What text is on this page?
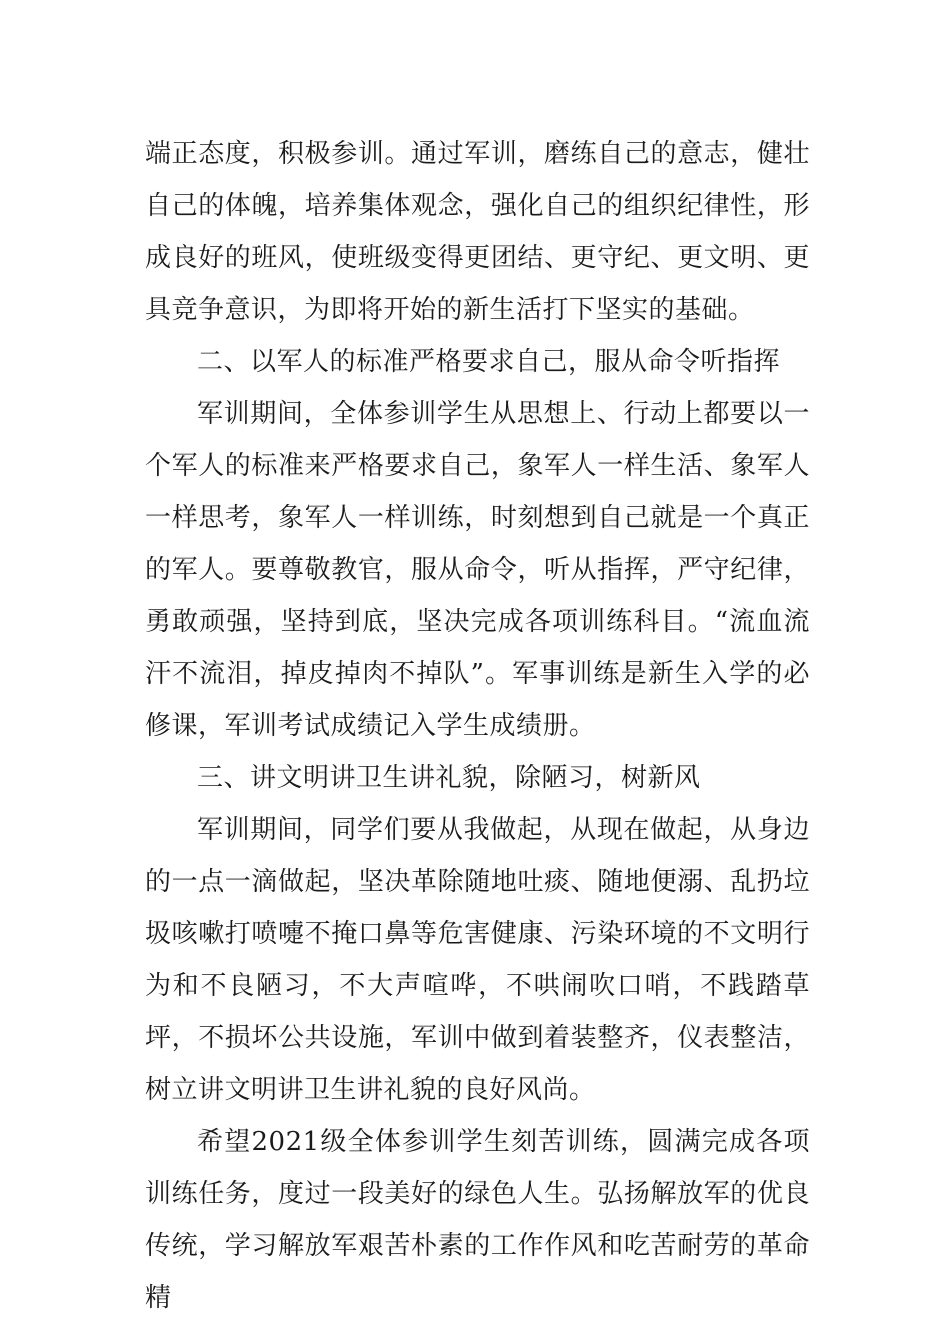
端正态度，积极参训。通过军训，磨练自己的意志，健壮自己的体魄，培养集体观念，强化自己的组织纪律性，形成良好的班风，使班级变得更团结、更守纪、更文明、更具竞争意识，为即将开始的新生活打下坚实的基础。

二、以军人的标准严格要求自己，服从命令听指挥

军训期间，全体参训学生从思想上、行动上都要以一个军人的标准来严格要求自己，象军人一样生活、象军人一样思考，象军人一样训练，时刻想到自己就是一个真正的军人。要尊敬教官，服从命令，听从指挥，严守纪律，勇敢顽强，坚持到底，坚决完成各项训练科目。“流血流汗不流泪，掉皮掉肉不掉队”。军事训练是新生入学的必修课，军训考试成绩记入学生成绩册。

三、讲文明讲卫生讲礼貌，除陋习，树新风

军训期间，同学们要从我做起，从现在做起，从身边的一点一滴做起，坚决革除随地吐痰、随地便溺、乱扔垃圾咳嗽打喷嚏不掩口鼻等危害健康、污染环境的不文明行为和不良陋习，不大声喧哗，不哄闹吹口哨，不践踏草坪，不损坏公共设施，军训中做到着装整齐，仪表整洁，树立讲文明讲卫生讲礼貌的良好风尚。

希望2021级全体参训学生刻苦训练，圆满完成各项训练任务，度过一段美好的绿色人生。弘扬解放军的优良传统，学习解放军艰苦朴素的工作作风和吃苦耐劳的革命精
